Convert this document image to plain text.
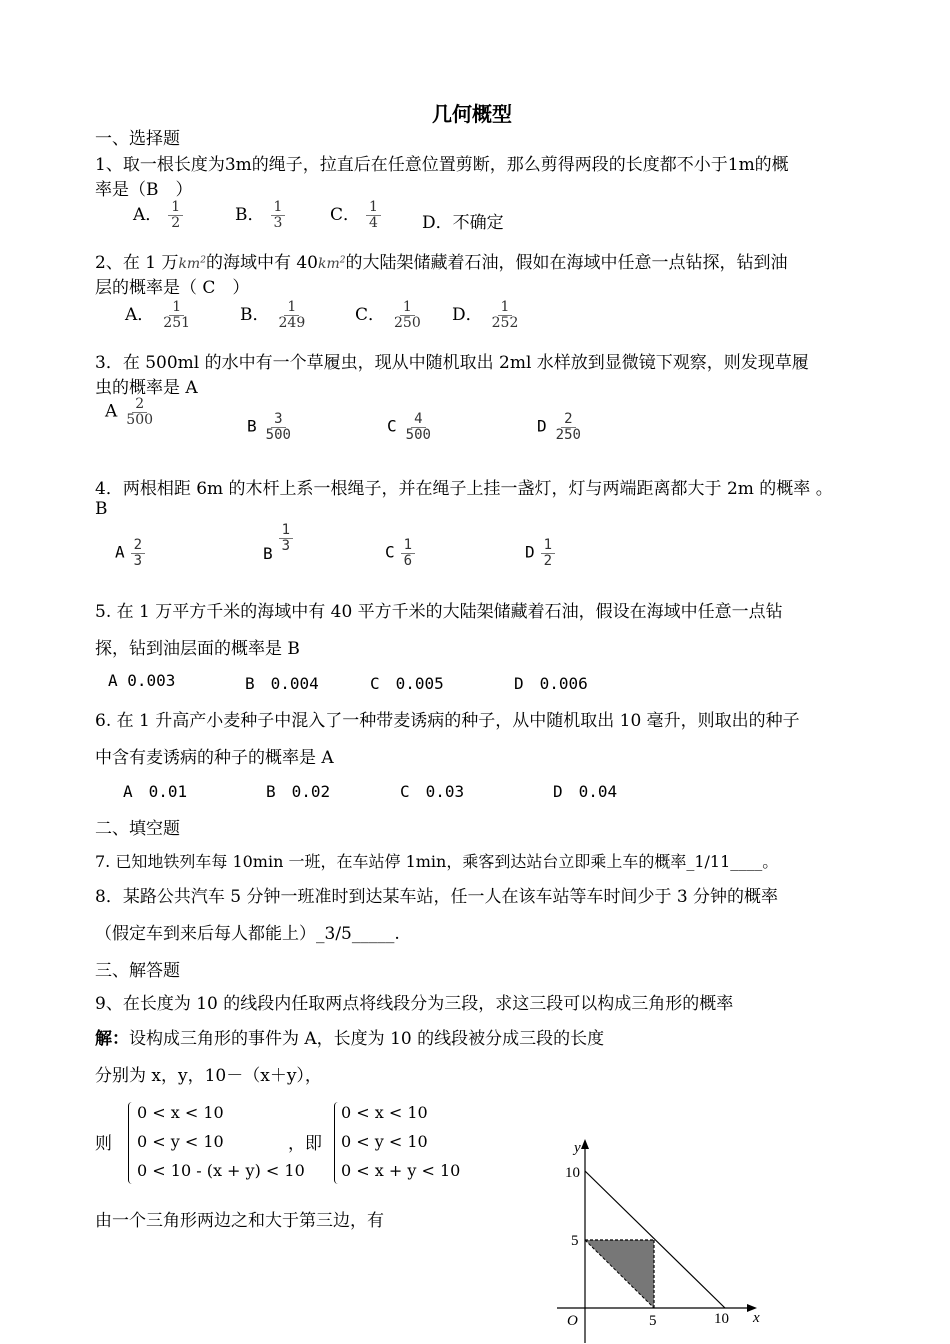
几何概型
一、选择题
1、取一根长度为3m的绳子，拉直后在任意位置剪断，那么剪得两段的长度都不小于1m的概
率是（B　）
A． $\frac{1}{2}$	B． $\frac{1}{3}$	C． $\frac{1}{4}$ D．不确定
2、在 1 万$km^2$的海域中有 $40km^2$的大陆架储藏着石油，假如在海域中任意一点钻探，钻到油
层的概率是（ C　）
A． $\frac{1}{251}$	B． $\frac{1}{249}$	C． $\frac{1}{250}$ D． $\frac{1}{252}$
3．在 500ml 的水中有一个草履虫，现从中随机取出 2ml 水样放到显微镜下观察，则发现草履
虫的概率是 A
A $\frac{2}{500}$	B $\frac{3}{500}$	C $\frac{4}{500}$	D $\frac{2}{250}$
4．两根相距 6m 的木杆上系一根绳子，并在绳子上挂一盏灯，灯与两端距离都大于 2m 的概率 。
B
A $\frac{2}{3}$	B $\frac{1}{3}$	C $\frac{1}{6}$	D $\frac{1}{2}$
5. 在 1 万平方千米的海域中有 40 平方千米的大陆架储藏着石油，假设在海域中任意一点钻
探，钻到油层面的概率是 B
A 0.003	B　0.004	C　0.005	D　0.006
6. 在 1 升高产小麦种子中混入了一种带麦诱病的种子，从中随机取出 10 毫升，则取出的种子
中含有麦诱病的种子的概率是 A
A　0.01	B　0.02	C　0.03	D　0.04
二、填空题
7. 已知地铁列车每 10min 一班，在车站停 1min，乘客到达站台立即乘上车的概率_1/11____。
8．某路公共汽车 5 分钟一班准时到达某车站，任一人在该车站等车时间少于 3 分钟的概率
（假定车到来后每人都能上）_3/5_____.
三、解答题
9、在长度为 10 的线段内任取两点将线段分为三段，求这三段可以构成三角形的概率
解：设构成三角形的事件为 A，长度为 10 的线段被分成三段的长度
分别为 x，y，10－（x＋y），
则
0 < x < 10
0 < y < 10
0 < 10 - (x + y) < 10
，即
0 < x < 10
0 < y < 10
0 < x + y < 10
由一个三角形两边之和大于第三边，有
y
x
O
10
5
5	10
